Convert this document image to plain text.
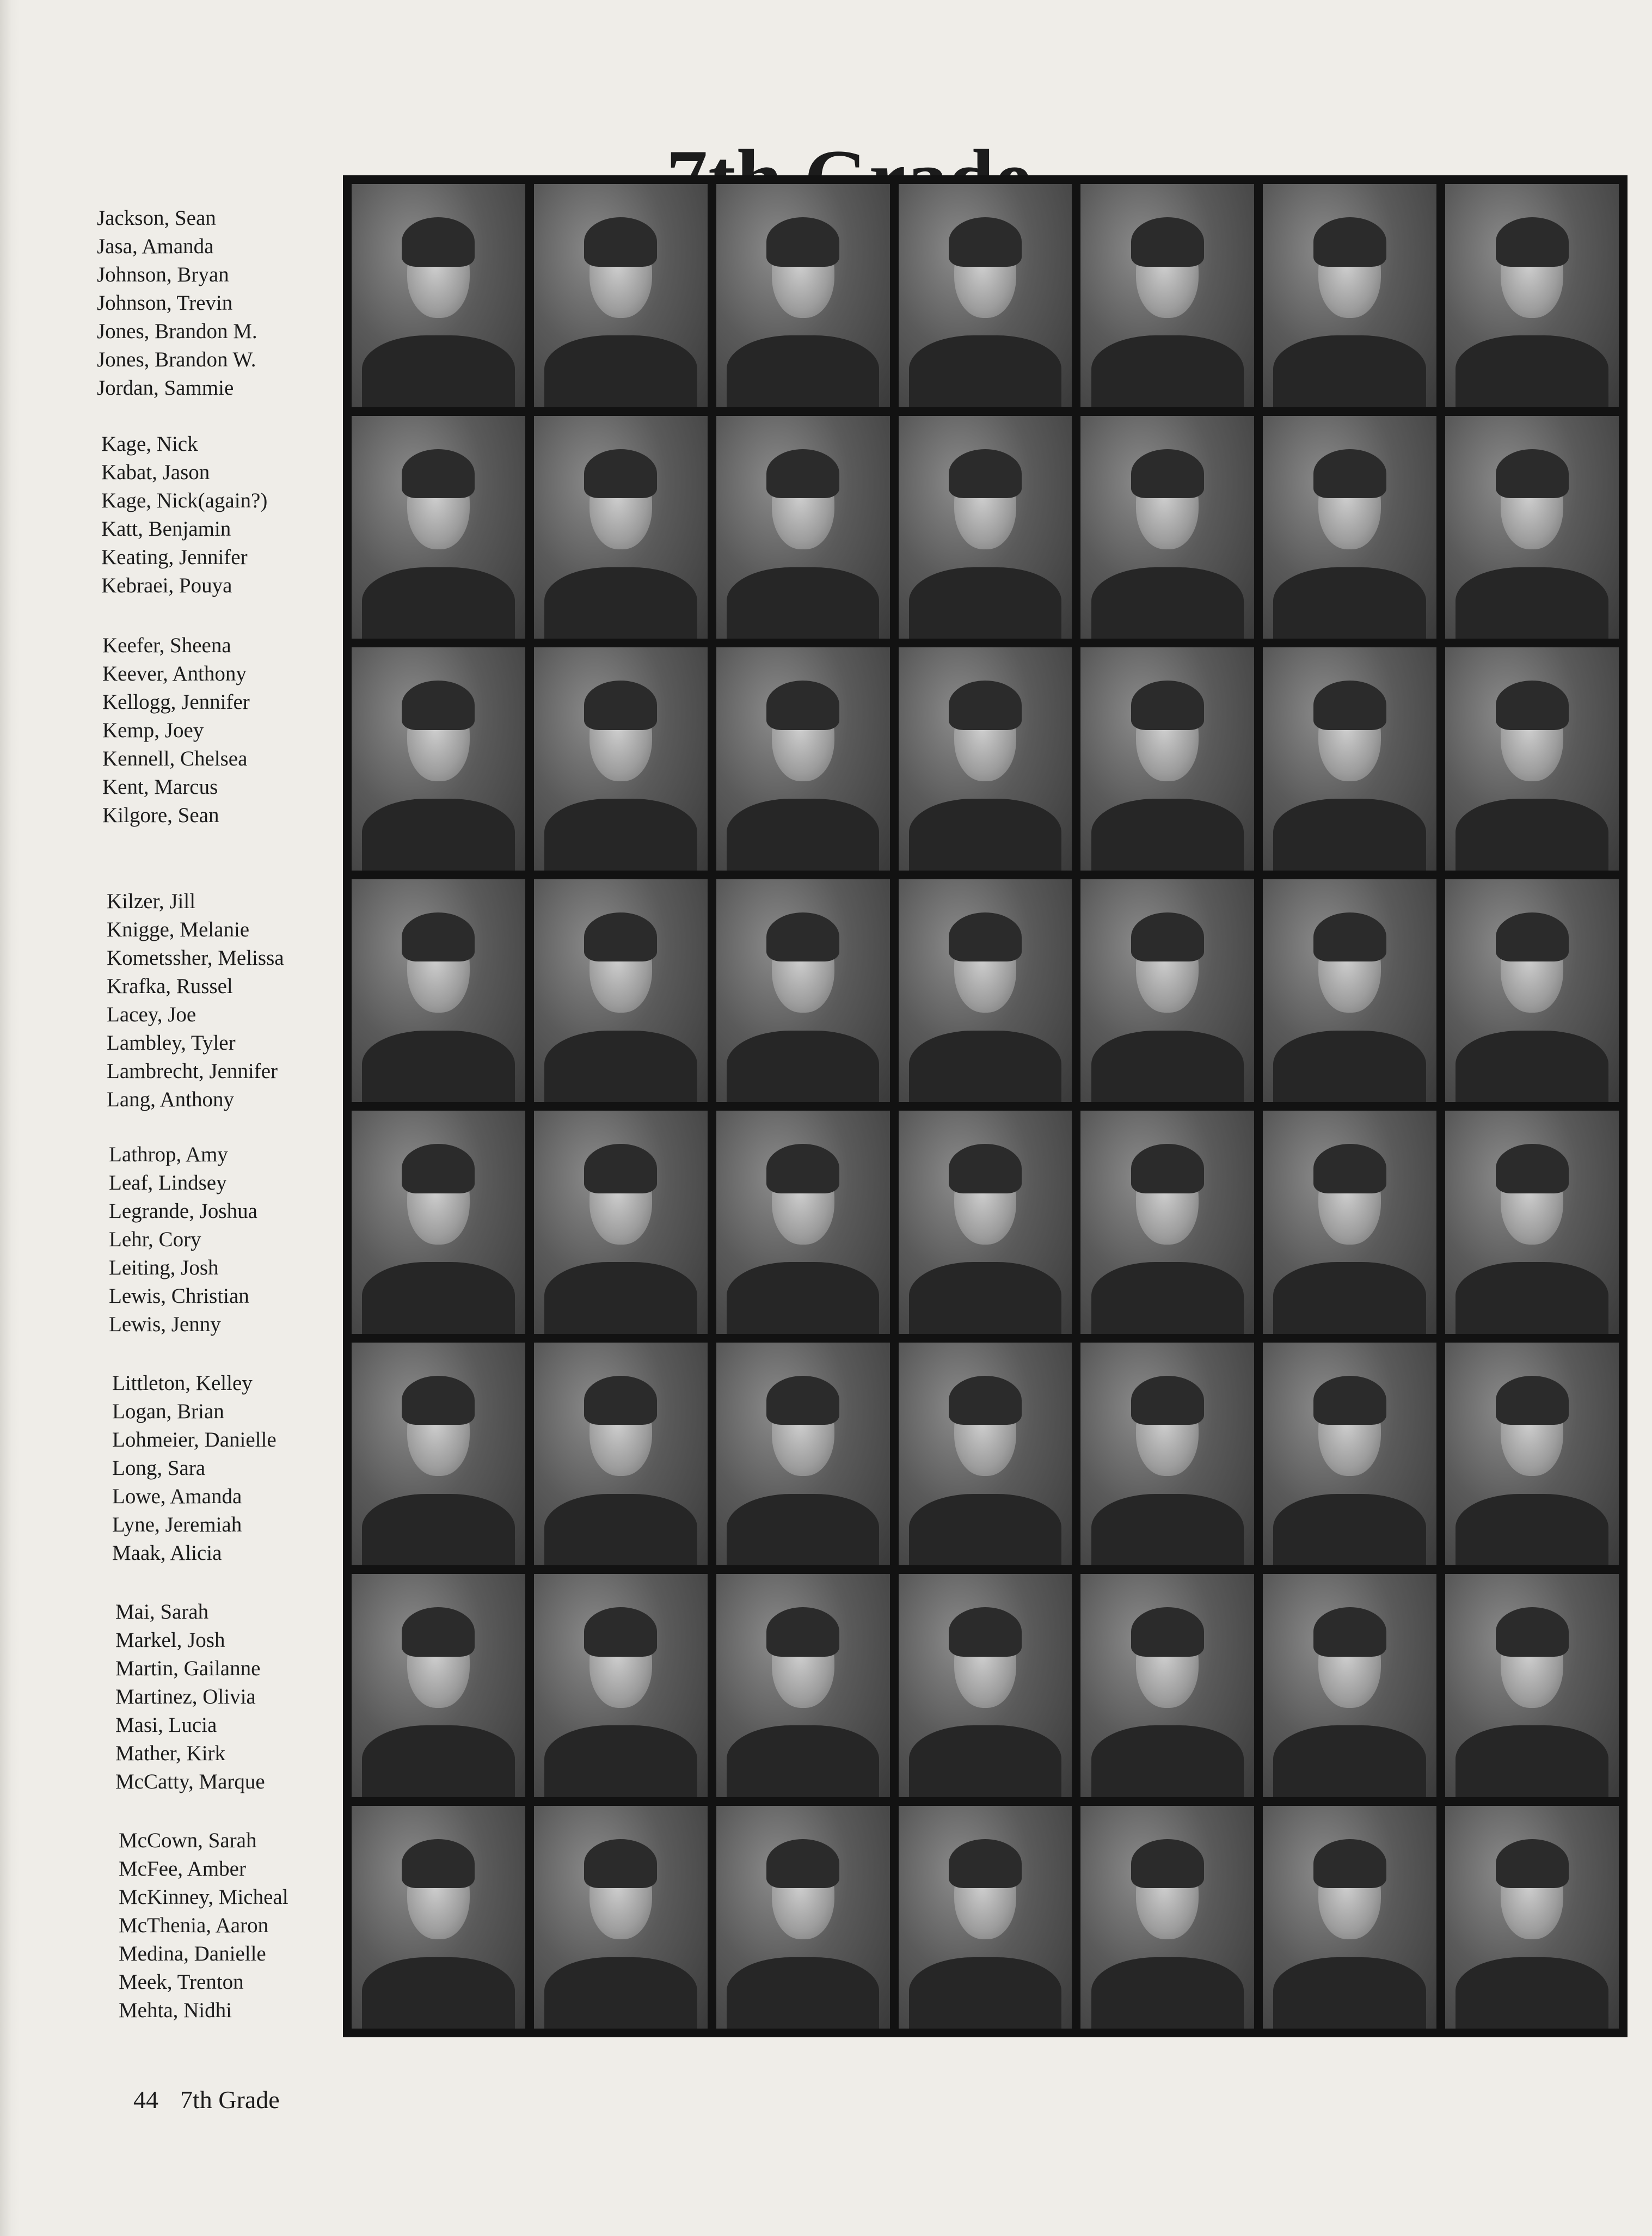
Jackson, Sean
Jasa, Amanda
Johnson, Bryan
Johnson, Trevin
Jones, Brandon M.
Jones, Brandon W.
Jordan, Sammie
Kage, Nick
Kabat, Jason
Kage, Nick(again?)
Katt, Benjamin
Keating, Jennifer
Kebraei, Pouya
Keefer, Sheena
Keever, Anthony
Kellogg, Jennifer
Kemp, Joey
Kennell, Chelsea
Kent, Marcus
Kilgore, Sean
Kilzer, Jill
Knigge, Melanie
Kometssher, Melissa
Krafka, Russel
Lacey, Joe
Lambley, Tyler
Lambrecht, Jennifer
Lang, Anthony
Lathrop, Amy
Leaf, Lindsey
Legrande, Joshua
Lehr, Cory
Leiting, Josh
Lewis, Christian
Lewis, Jenny
Littleton, Kelley
Logan, Brian
Lohmeier, Danielle
Long, Sara
Lowe, Amanda
Lyne, Jeremiah
Maak, Alicia
Mai, Sarah
Markel, Josh
Martin, Gailanne
Martinez, Olivia
Masi, Lucia
Mather, Kirk
McCatty, Marque
McCown, Sarah
McFee, Amber
McKinney, Micheal
McThenia, Aaron
Medina, Danielle
Meek, Trenton
Mehta, Nidhi
44 7th Grade
